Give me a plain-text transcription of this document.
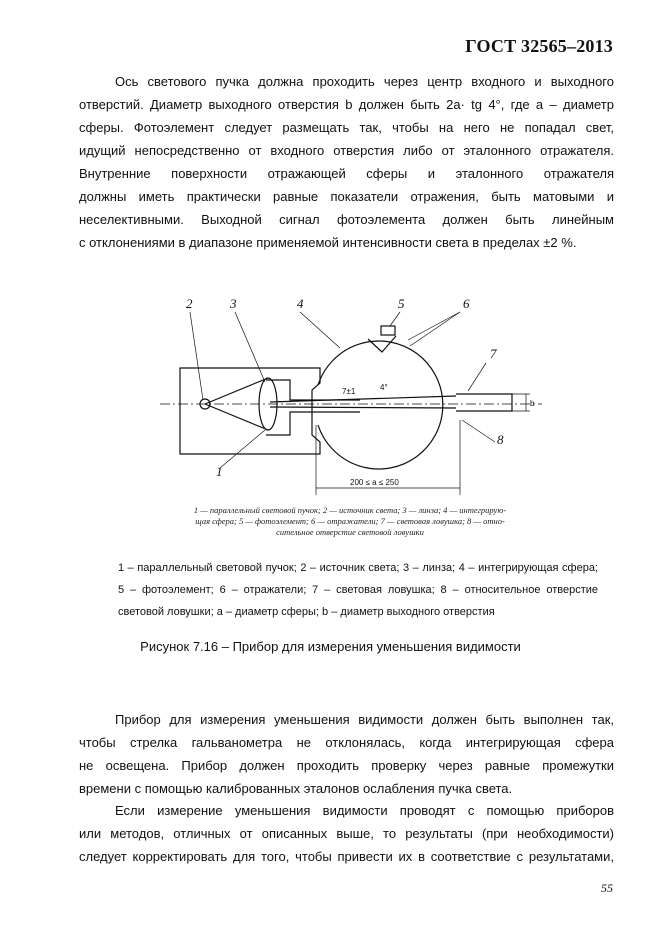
ГОСТ 32565–2013
Ось светового пучка должна проходить через центр входного и выходного
отверстий. Диаметр выходного отверстия b должен быть 2a· tg 4°, где a – диаметр
сферы. Фотоэлемент следует размещать так, чтобы на него не попадал свет,
идущий непосредственно от входного отверстия либо от эталонного отражателя.
Внутренние поверхности отражающей сферы и эталонного отражателя
должны иметь практически равные показатели отражения, быть матовыми и
неселективными. Выходной сигнал фотоэлемента должен быть линейным
с отклонениями в диапазоне применяемой интенсивности света в пределах ±2 %.
2	3	4	5	6
7
8
1
200 ≤ a ≤ 250
b
4°
7±1
1 — параллельный световой пучок; 2 — источник света; 3 — линза; 4 — интегрирую-
щая сфера; 5 — фотоэлемент; 6 — отражатели; 7 — световая ловушка; 8 — отно-
сительное отверстие световой ловушки
1 – параллельный световой пучок; 2 – источник света; 3 – линза; 4 – интегрирующая сфера;
5 – фотоэлемент; 6 – отражатели; 7 – световая ловушка; 8 – относительное отверстие
световой ловушки; a – диаметр сферы; b – диаметр выходного отверстия
Рисунок 7.16 – Прибор для измерения уменьшения видимости
Прибор для измерения уменьшения видимости должен быть выполнен так,
чтобы стрелка гальванометра не отклонялась, когда интегрирующая сфера
не освещена. Прибор должен проходить проверку через равные промежутки
времени с помощью калиброванных эталонов ослабления пучка света.
Если измерение уменьшения видимости проводят с помощью приборов
или методов, отличных от описанных выше, то результаты (при необходимости)
следует корректировать для того, чтобы привести их в соответствие с результатами,
55
